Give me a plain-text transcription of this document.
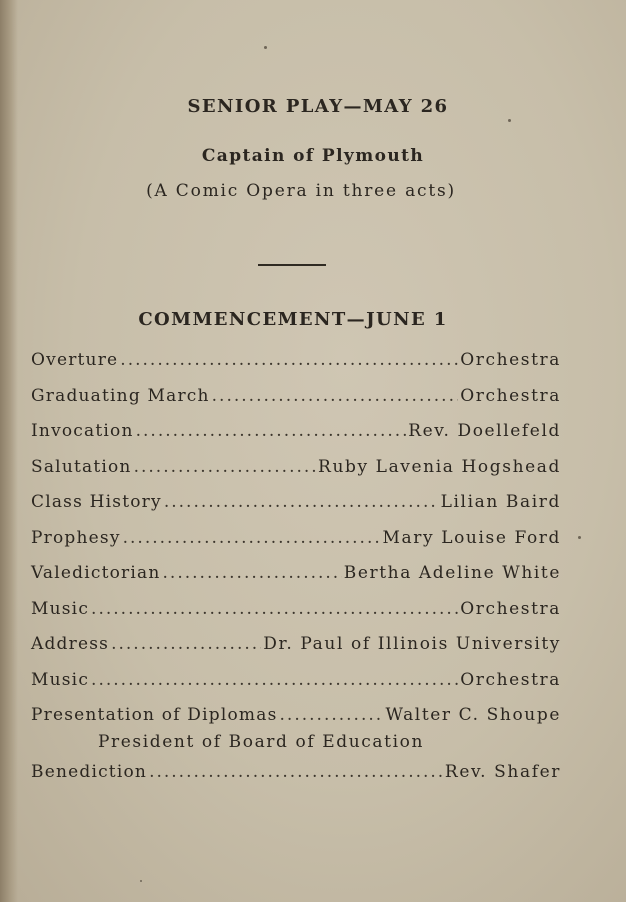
SENIOR PLAY—MAY 26
Captain of Plymouth
(A Comic Opera in three acts)
COMMENCEMENT—JUNE 1
Overture .....	Orchestra
Graduating March .....	Orchestra
Invocation .....	Rev. Doellefeld
Salutation .....	Ruby Lavenia Hogshead
Class History .....	Lilian Baird
Prophesy .....	Mary Louise Ford
Valedictorian .....	Bertha Adeline White
Music .....	Orchestra
Address .....	Dr. Paul of Illinois University
Music .....	Orchestra
Presentation of Diplomas .....	Walter C. Shoupe
President of Board of Education
Benediction .....	Rev. Shafer
